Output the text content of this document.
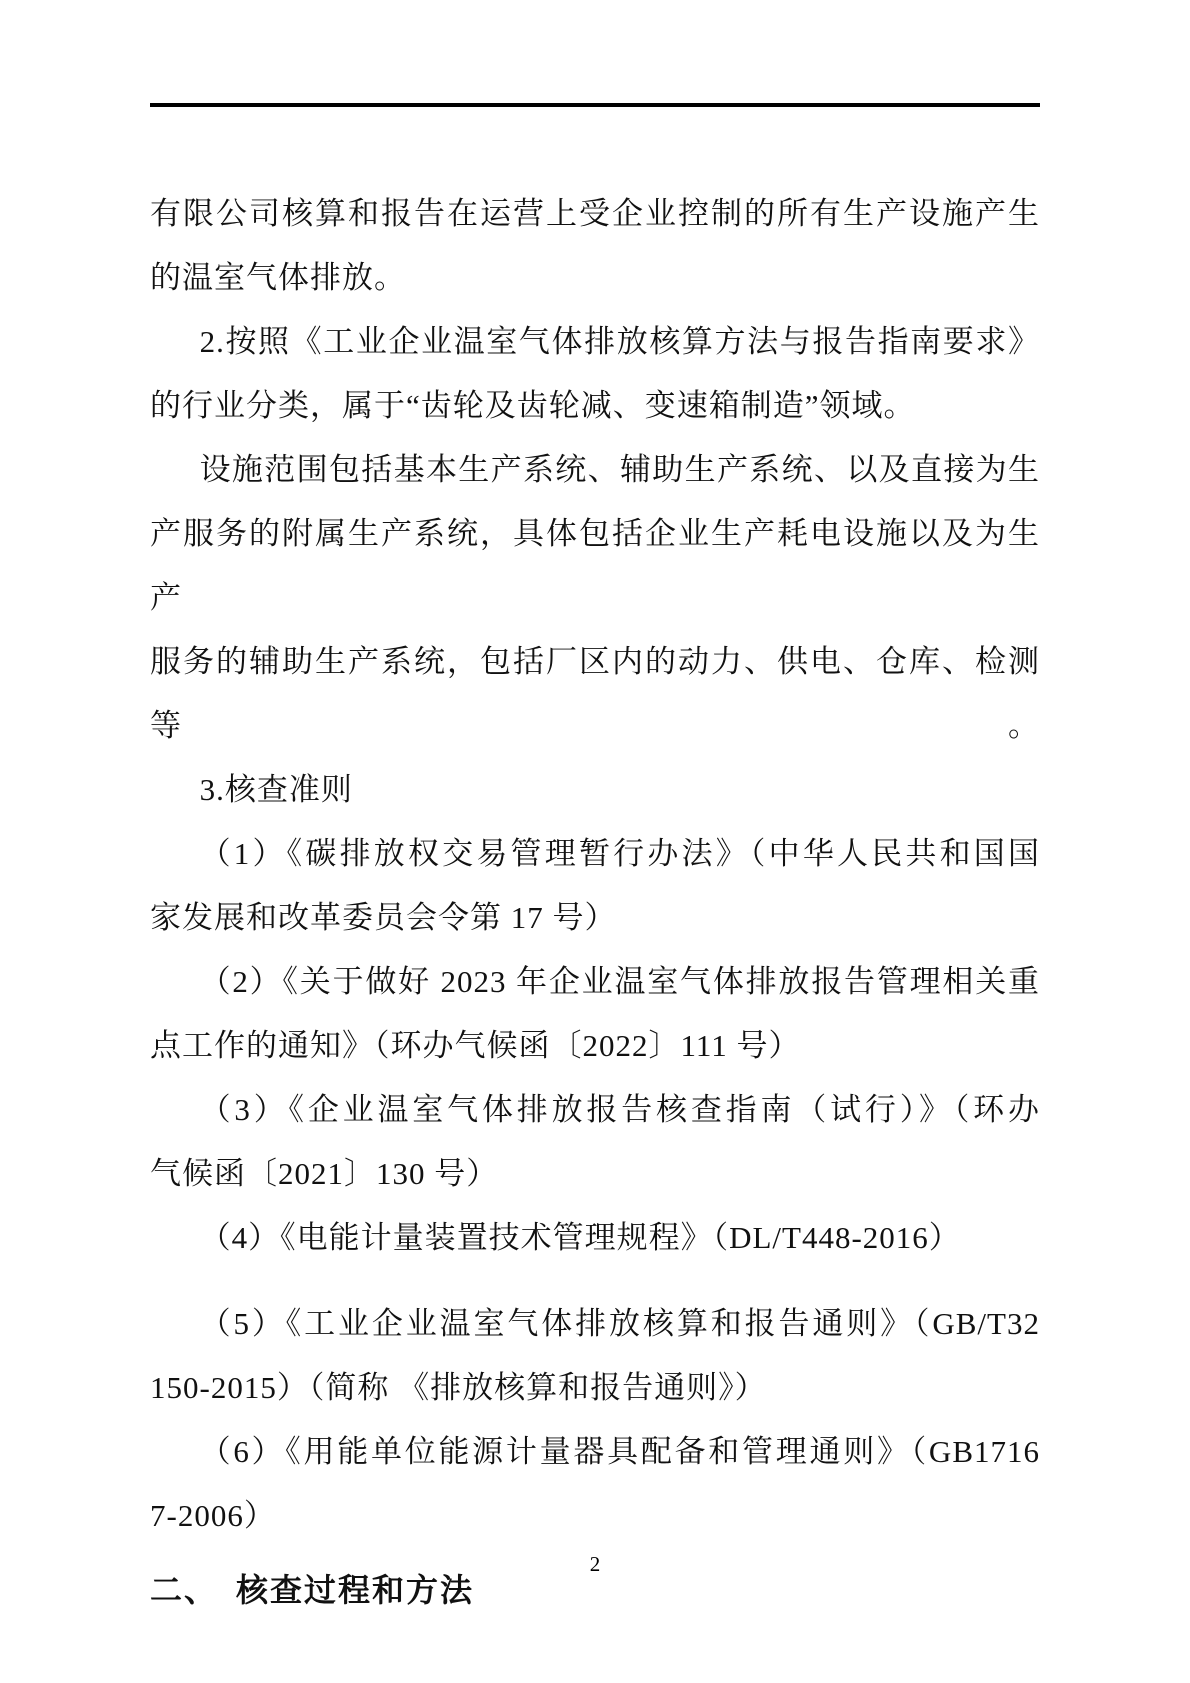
有限公司核算和报告在运营上受企业控制的所有生产设施产生
的温室气体排放。
2.按照《工业企业温室气体排放核算方法与报告指南要求》
的行业分类，属于“齿轮及齿轮减、变速箱制造”领域。
设施范围包括基本生产系统、辅助生产系统、以及直接为生
产服务的附属生产系统，具体包括企业生产耗电设施以及为生产
服务的辅助生产系统，包括厂区内的动力、供电、仓库、检测等。
3.核查准则
（1）《碳排放权交易管理暂行办法》（中华人民共和国国
家发展和改革委员会令第 17 号）
（2）《关于做好 2023 年企业温室气体排放报告管理相关重
点工作的通知》（环办气候函〔2022〕111 号）
（3）《企业温室气体排放报告核查指南（试行）》（环办
气候函〔2021〕130 号）
（4）《电能计量装置技术管理规程》（DL/T448-2016）
（5）《工业企业温室气体排放核算和报告通则》（GB/T32
150-2015）（简称 《排放核算和报告通则》）
（6）《用能单位能源计量器具配备和管理通则》（GB1716
7-2006）
二、　核查过程和方法
2
